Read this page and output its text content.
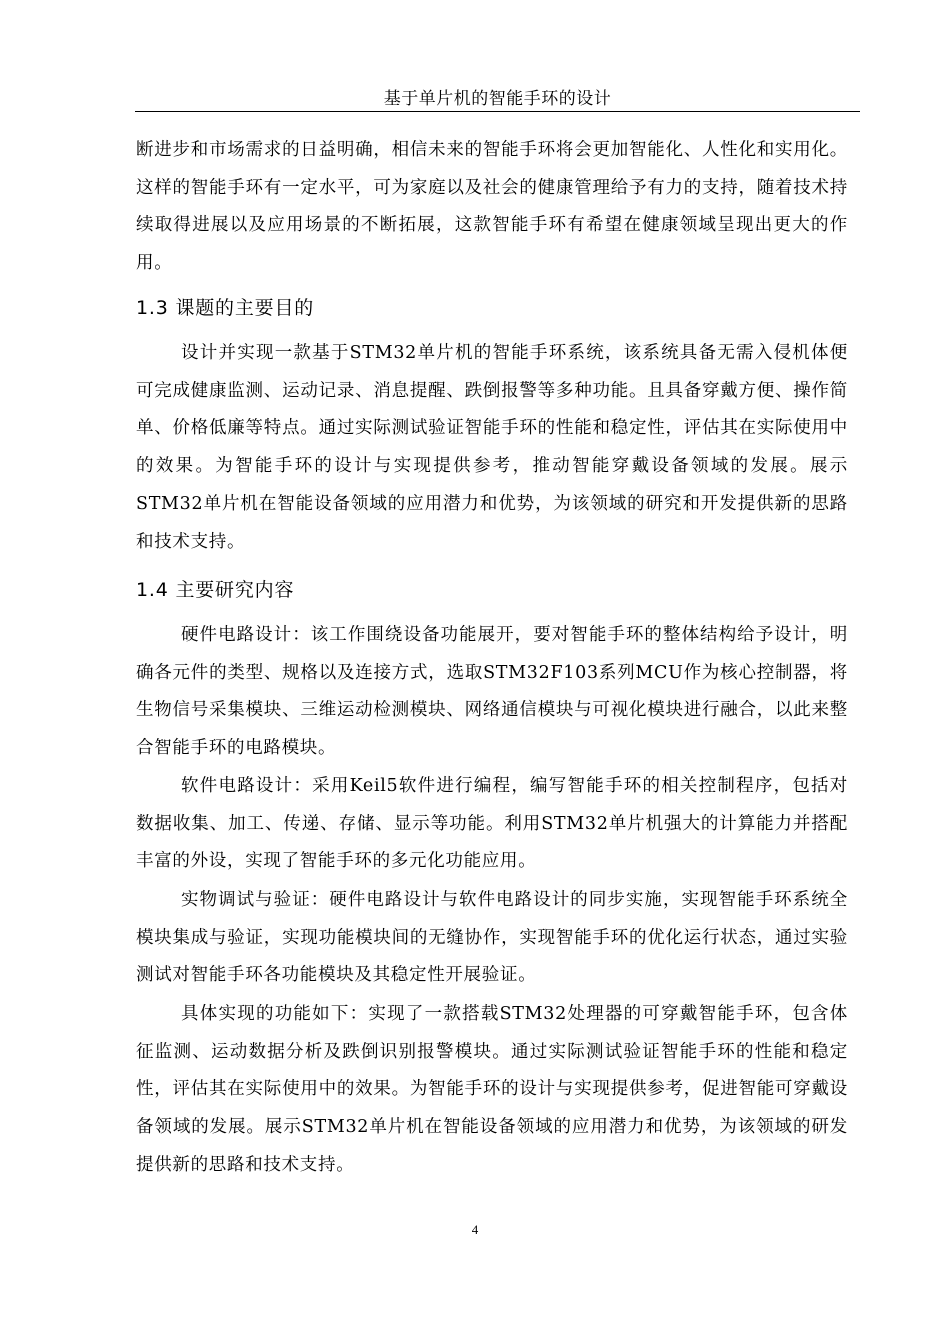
基于单片机的智能手环的设计

断进步和市场需求的日益明确，相信未来的智能手环将会更加智能化、人性化和实用化。这样的智能手环有一定水平，可为家庭以及社会的健康管理给予有力的支持，随着技术持续取得进展以及应用场景的不断拓展，这款智能手环有希望在健康领域呈现出更大的作用。

1.3 课题的主要目的

设计并实现一款基于STM32单片机的智能手环系统，该系统具备无需入侵机体便可完成健康监测、运动记录、消息提醒、跌倒报警等多种功能。且具备穿戴方便、操作简单、价格低廉等特点。通过实际测试验证智能手环的性能和稳定性，评估其在实际使用中的效果。为智能手环的设计与实现提供参考，推动智能穿戴设备领域的发展。展示STM32单片机在智能设备领域的应用潜力和优势，为该领域的研究和开发提供新的思路和技术支持。

1.4 主要研究内容

硬件电路设计：该工作围绕设备功能展开，要对智能手环的整体结构给予设计，明确各元件的类型、规格以及连接方式，选取STM32F103系列MCU作为核心控制器，将生物信号采集模块、三维运动检测模块、网络通信模块与可视化模块进行融合，以此来整合智能手环的电路模块。

软件电路设计：采用Keil5软件进行编程，编写智能手环的相关控制程序，包括对数据收集、加工、传递、存储、显示等功能。利用STM32单片机强大的计算能力并搭配丰富的外设，实现了智能手环的多元化功能应用。

实物调试与验证：硬件电路设计与软件电路设计的同步实施，实现智能手环系统全模块集成与验证，实现功能模块间的无缝协作，实现智能手环的优化运行状态，通过实验测试对智能手环各功能模块及其稳定性开展验证。

具体实现的功能如下：实现了一款搭载STM32处理器的可穿戴智能手环，包含体征监测、运动数据分析及跌倒识别报警模块。通过实际测试验证智能手环的性能和稳定性，评估其在实际使用中的效果。为智能手环的设计与实现提供参考，促进智能可穿戴设备领域的发展。展示STM32单片机在智能设备领域的应用潜力和优势，为该领域的研发提供新的思路和技术支持。

4
